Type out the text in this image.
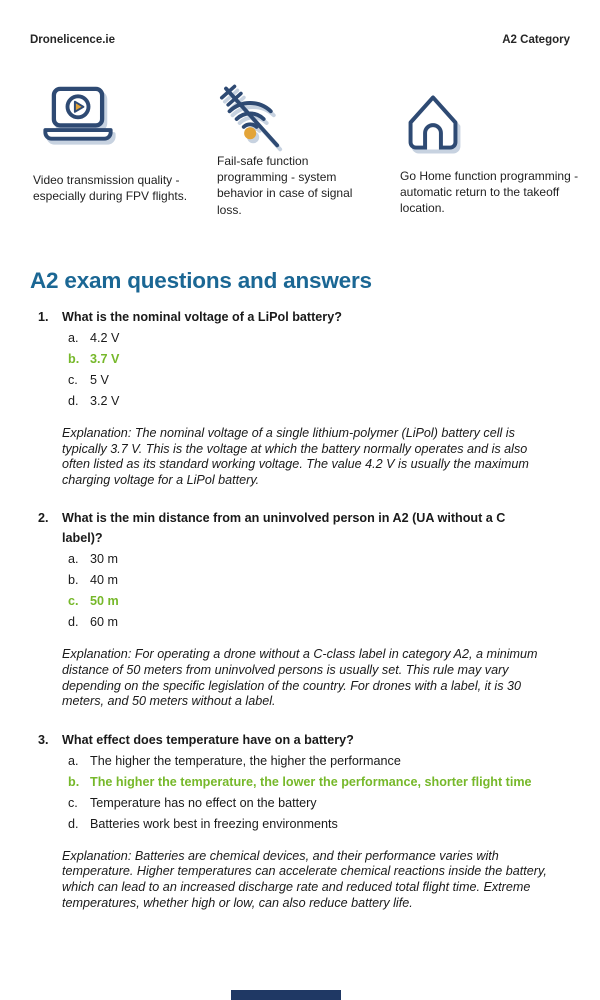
Dronelicence.ie	A2 Category

Video transmission quality - especially during FPV flights.

Fail-safe function programming - system behavior in case of signal loss.

Go Home function programming - automatic return to the takeoff location.

A2 exam questions and answers
1.	What is the nominal voltage of a LiPol battery?
a. 4.2 V
b. 3.7 V
c. 5 V
d. 3.2 V

Explanation: The nominal voltage of a single lithium-polymer (LiPol) battery cell is typically 3.7 V. This is the voltage at which the battery normally operates and is also often listed as its standard working voltage. The value 4.2 V is usually the maximum charging voltage for a LiPol battery.

2.	What is the min distance from an uninvolved person in A2 (UA without a C label)?
a. 30 m
b. 40 m
c. 50 m
d. 60 m

Explanation: For operating a drone without a C-class label in category A2, a minimum distance of 50 meters from uninvolved persons is usually set. This rule may vary depending on the specific legislation of the country. For drones with a label, it is 30 meters, and 50 meters without a label.

3.	What effect does temperature have on a battery?
a. The higher the temperature, the higher the performance
b. The higher the temperature, the lower the performance, shorter flight time
c. Temperature has no effect on the battery
d. Batteries work best in freezing environments

Explanation: Batteries are chemical devices, and their performance varies with temperature. Higher temperatures can accelerate chemical reactions inside the battery, which can lead to an increased discharge rate and reduced total flight time. Extreme temperatures, whether high or low, can also reduce battery life.
